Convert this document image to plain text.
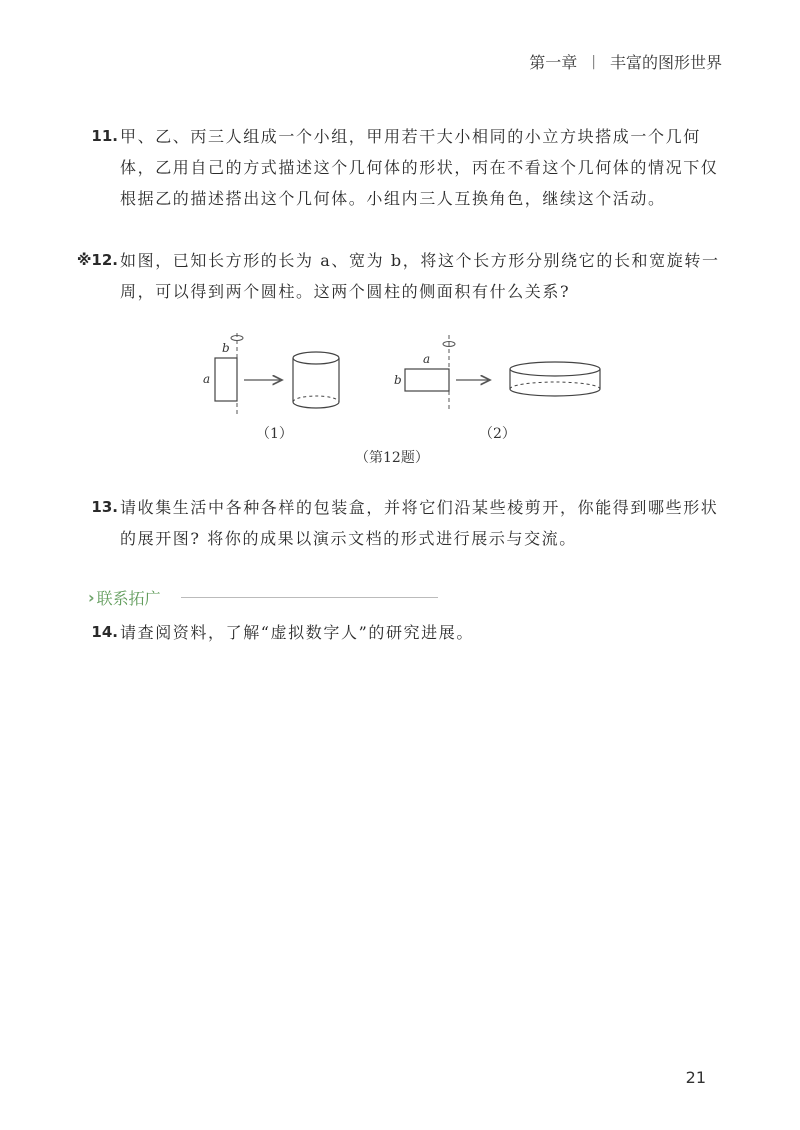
第一章 | 丰富的图形世界
11. 甲、乙、丙三人组成一个小组，甲用若干大小相同的小立方块搭成一个几何体，乙用自己的方式描述这个几何体的形状，丙在不看这个几何体的情况下仅根据乙的描述搭出这个几何体。小组内三人互换角色，继续这个活动。
※12. 如图，已知长方形的长为 a、宽为 b，将这个长方形分别绕它的长和宽旋转一周，可以得到两个圆柱。这两个圆柱的侧面积有什么关系?
b
a
a
b
（1）	（2）
（第12题）
13. 请收集生活中各种各样的包装盒，并将它们沿某些棱剪开，你能得到哪些形状的展开图? 将你的成果以演示文档的形式进行展示与交流。
› 联系拓广
14. 请查阅资料，了解“虚拟数字人”的研究进展。
21
